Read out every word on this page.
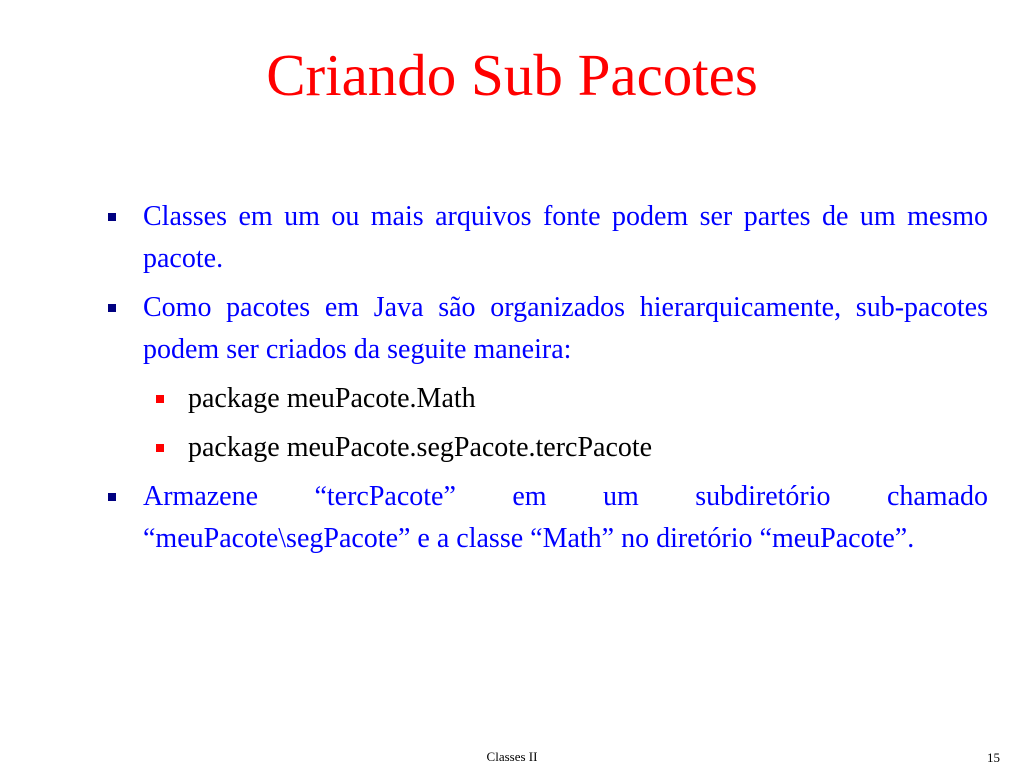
Criando Sub Pacotes
Classes em um ou mais arquivos fonte podem ser partes de um mesmo pacote.
Como pacotes em Java são organizados hierarquicamente, sub-pacotes podem ser criados da seguite maneira:
package meuPacote.Math
package meuPacote.segPacote.tercPacote
Armazene “tercPacote” em um subdiretório chamado “meuPacote\segPacote” e a classe “Math” no diretório “meuPacote”.
Classes II	15
